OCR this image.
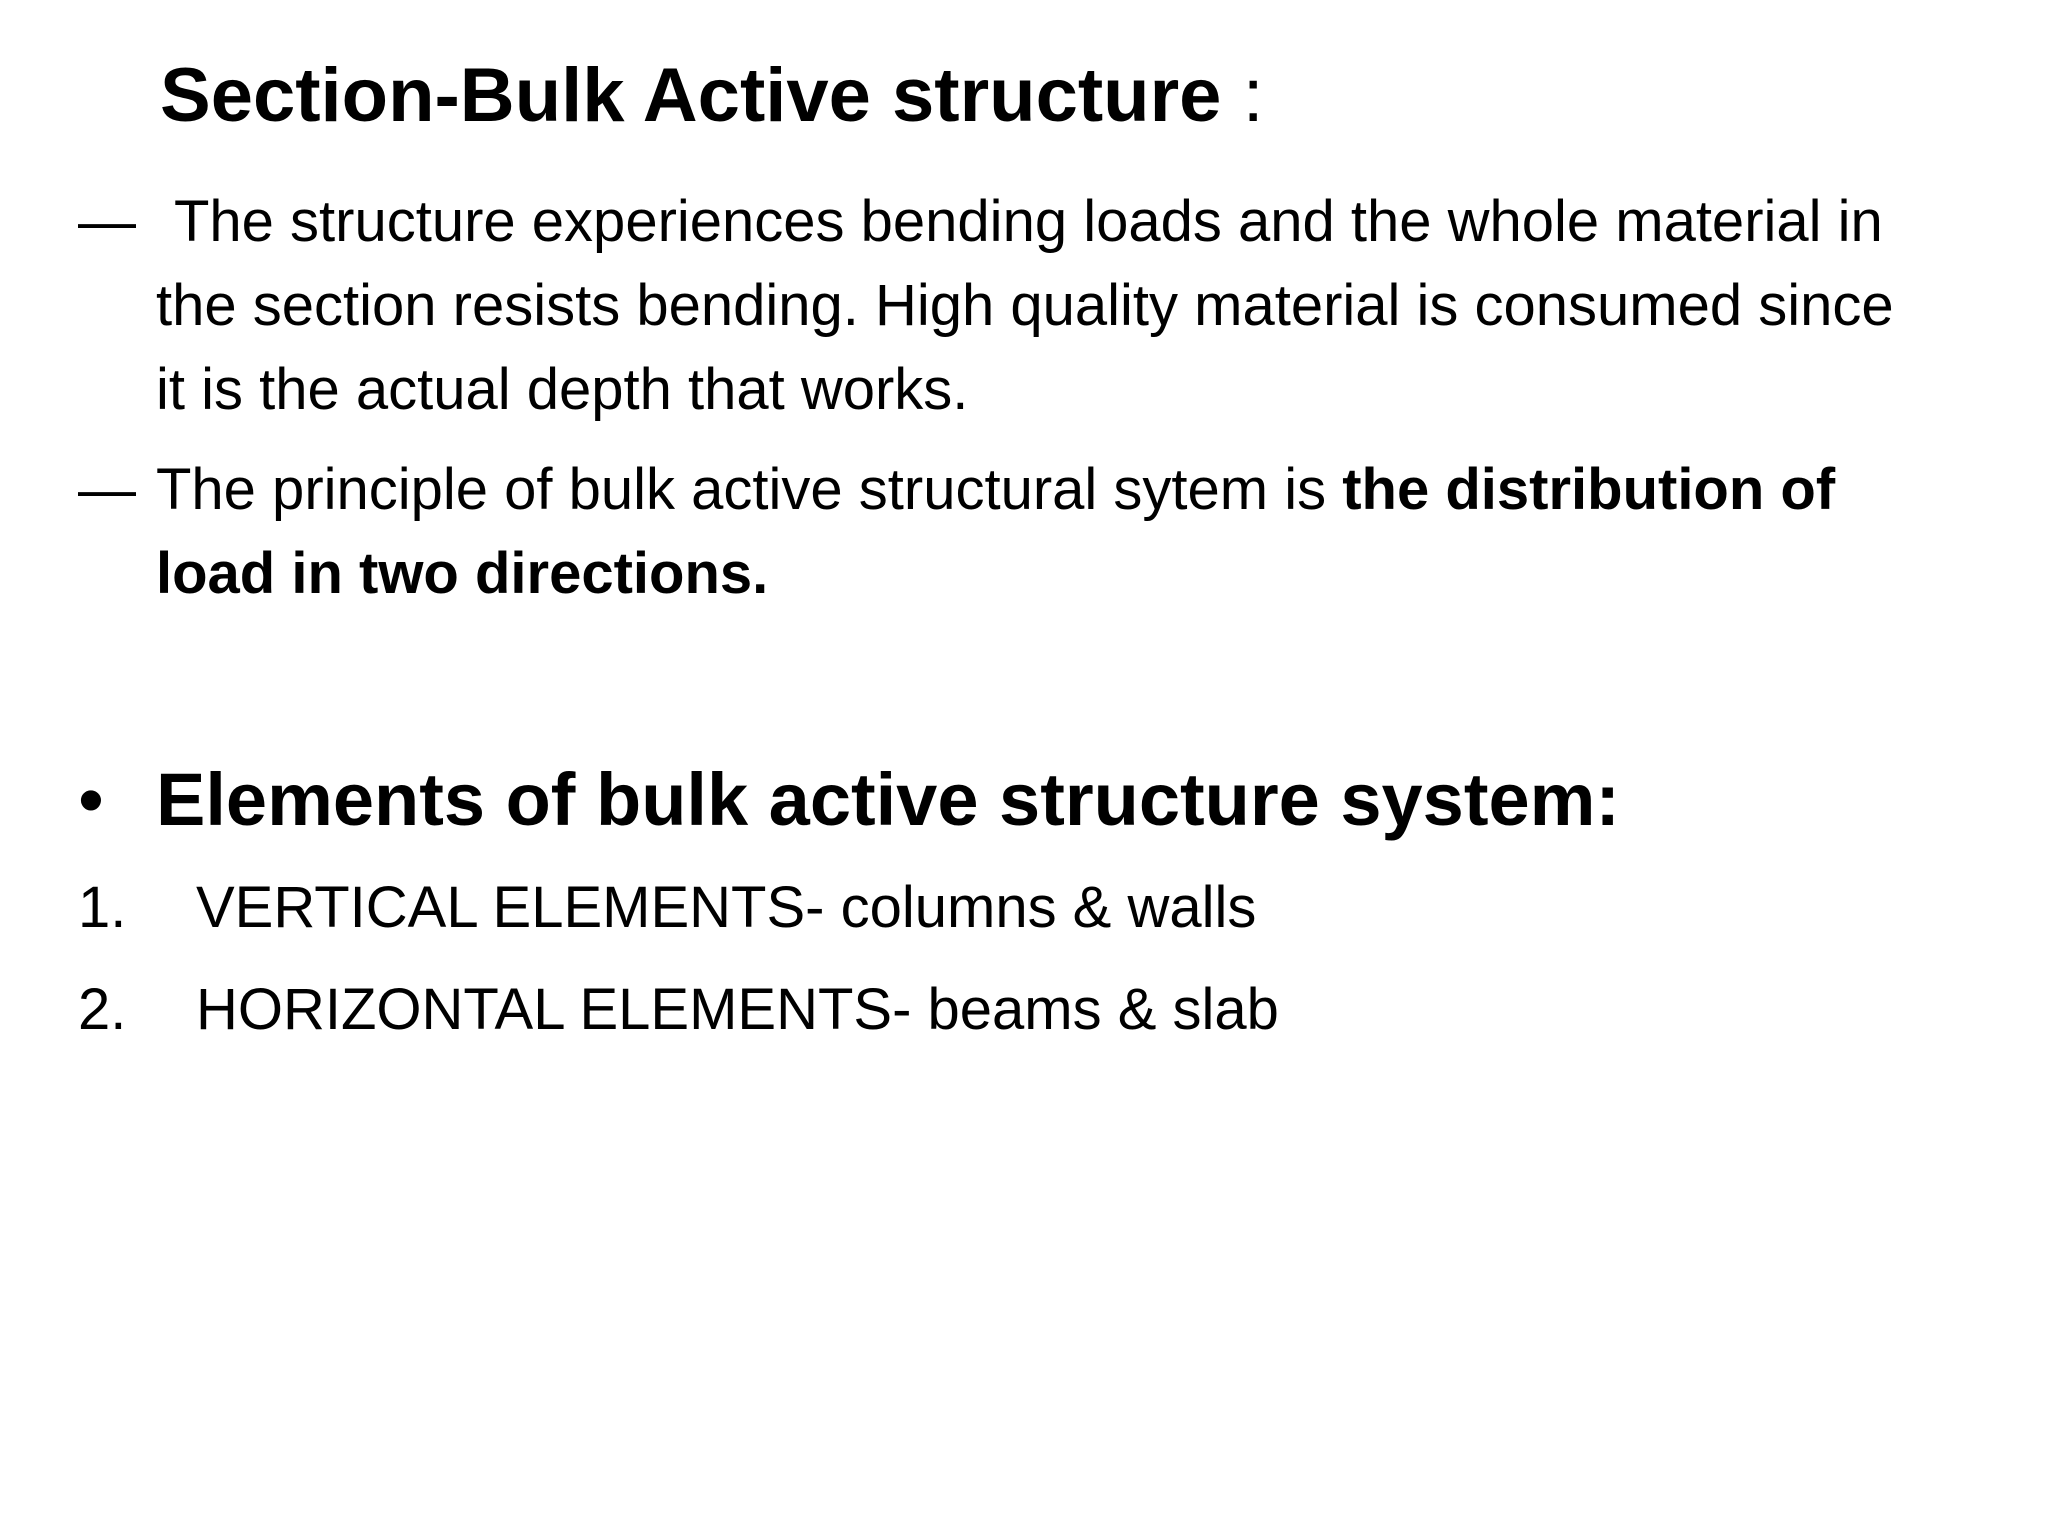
Section-Bulk Active structure :
— The structure experiences bending loads and the whole material in the section resists bending. High quality material is consumed since it is the actual depth that works.
— The principle of bulk active structural sytem is the distribution of load in two directions.
• Elements of bulk active structure system:
1. VERTICAL ELEMENTS- columns & walls
2. HORIZONTAL ELEMENTS- beams & slab
